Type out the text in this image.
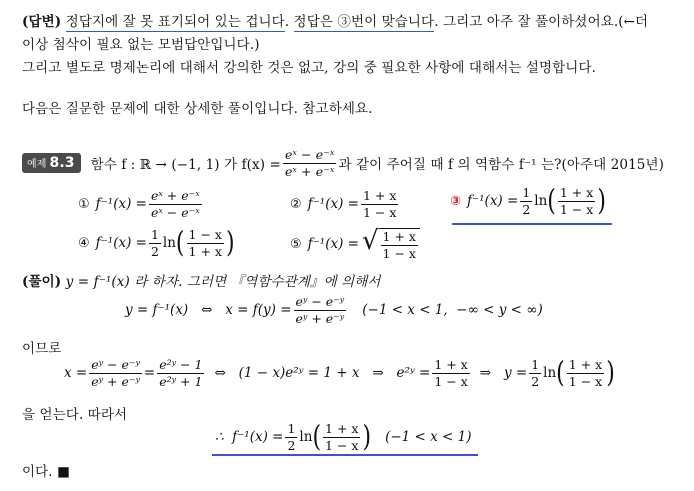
(답변) 정답지에 잘 못 표기되어 있는 겁니다. 정답은 ③번이 맞습니다. 그리고 아주 잘 풀이하셨어요.(←더
이상 첨삭이 필요 없는 모범답안입니다.)
그리고 별도로 명제논리에 대해서 강의한 것은 없고, 강의 중 필요한 사항에 대해서는 설명합니다.
다음은 질문한 문제에 대한 상세한 풀이입니다. 참고하세요.
예제 8.3	함수 f : ℝ → (−1, 1) 가 $f(x) = \frac{\text{eˣ − e⁻ˣ}}{\text{eˣ + e⁻ˣ}}$ 과 같이 주어질 때 f 의 역함수 f⁻¹ 는?(아주대 2015년)
① $f^{-1}(x) = \frac{\text{eˣ + e⁻ˣ}}{\text{eˣ − e⁻ˣ}}$	② $f^{-1}(x) = \frac{1 + x}{1 - x}$	③ $f^{-1}(x) = \frac{1}{2}$ ln ( $\frac{1 + x}{1 - x}$ )
④ $f^{-1}(x) = \frac{1}{2}$ ln ( $\frac{1 - x}{1 + x}$ )	⑤ f⁻¹(x) = √ $\frac{1 + x}{1 - x}$
(풀이) y = f⁻¹(x) 라 하자. 그러면 『역함수관계』에 의해서
y = f⁻¹(x)   ⇔   $x = f(y) = \frac{\text{eʸ − e⁻ʸ}}{\text{eʸ + e⁻ʸ}} (-1 < x < 1$,  −∞ < y < ∞)
이므로
$x = \frac{\text{eʸ − e⁻ʸ}}{\text{eʸ + e⁻ʸ}} = \frac{\text{e²ʸ − 1}}{\text{e²ʸ + 1}}$ ⇔   (1 − x)e²ʸ = 1 + x   ⇒   e²ʸ = $\frac{1 + x}{1 - x}$ ⇒   $y = \frac{1}{2}$ ln ( $\frac{1 + x}{1 - x}$ )
을 얻는다. 따라서
∴  $f^{-1}(x) = \frac{1}{2}$ ln ( $\frac{1 + x}{1 - x}$ ) (−1 < x < 1)
이다. ■
